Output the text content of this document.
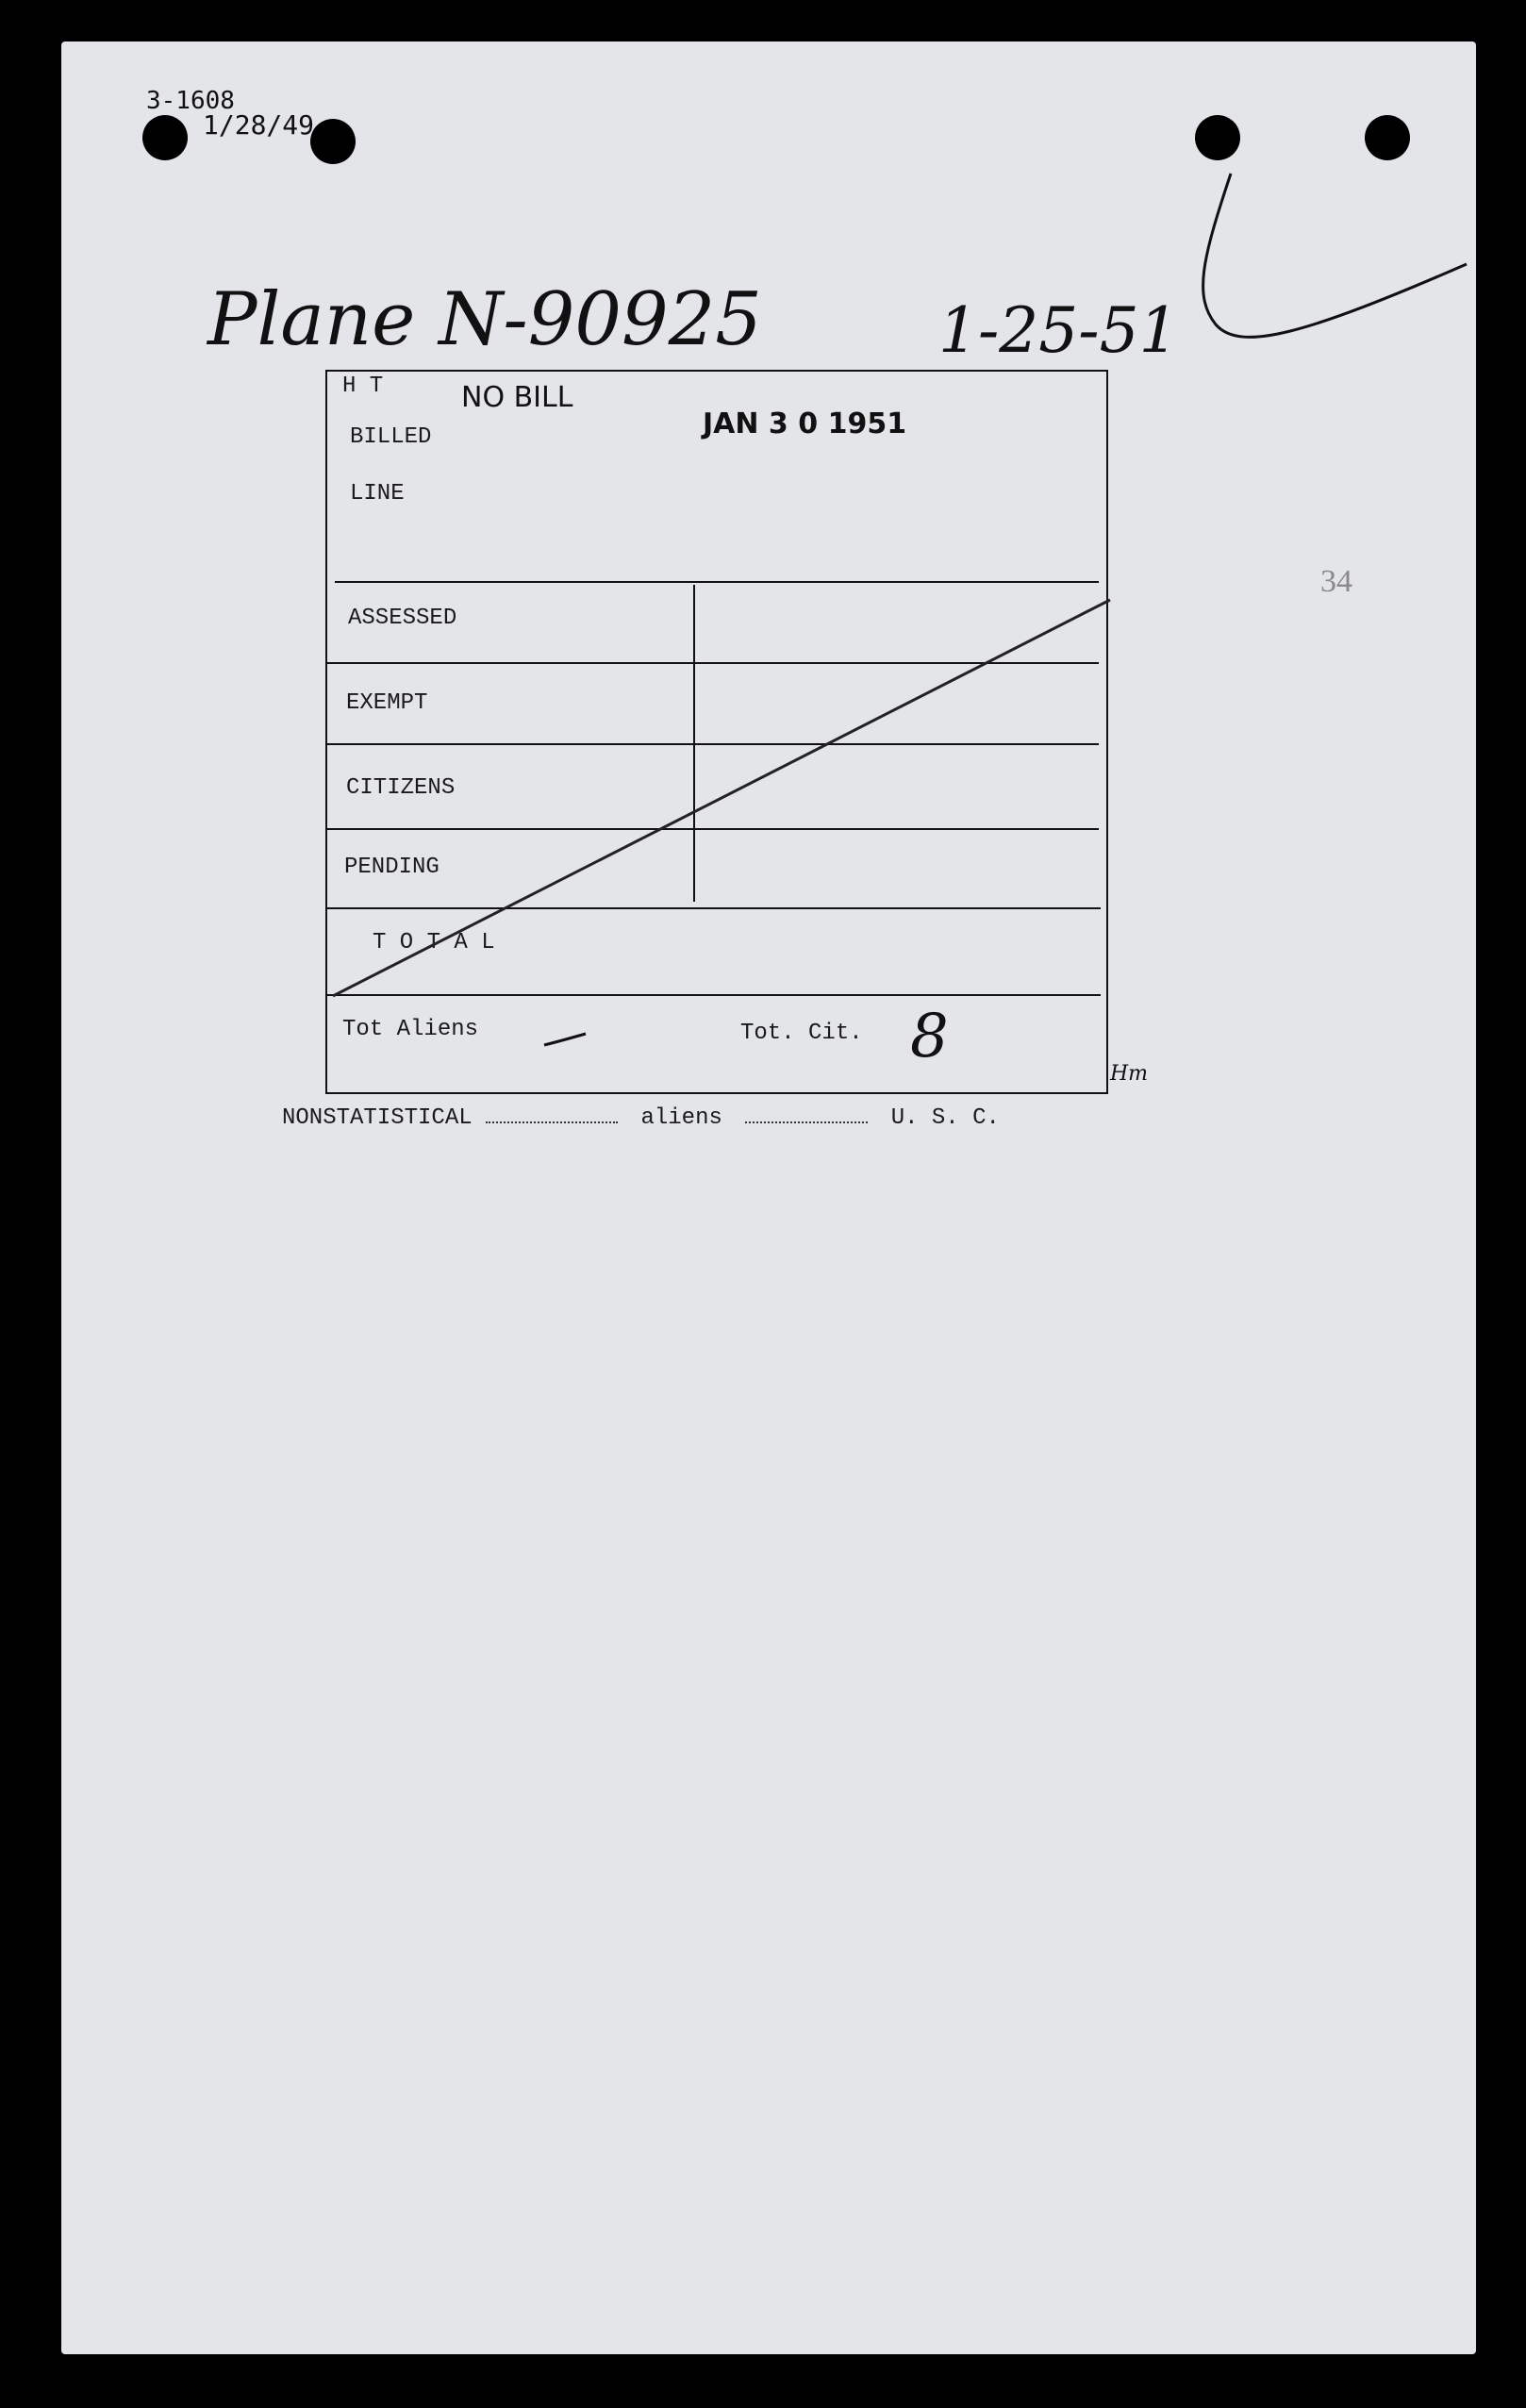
3-1608
1/28/49
Plane N-90925	1-25-51
H T	NO BILL
JAN 3 0 1951
BILLED
LINE
34
ASSESSED
EXEMPT
CITIZENS
PENDING
T O T A L
Tot Aliens	Tot. Cit. 8
Hm
NONSTATISTICAL	aliens	U. S. C.
